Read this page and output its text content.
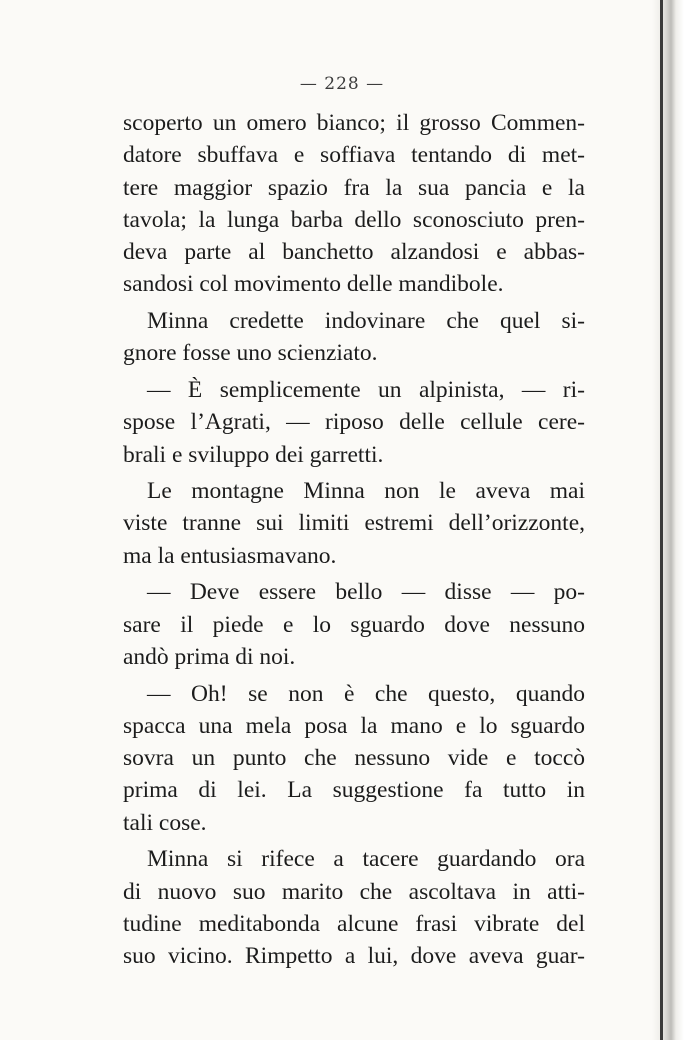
— 228 —
scoperto un omero bianco; il grosso Commen-
datore sbuffava e soffiava tentando di met-
tere maggior spazio fra la sua pancia e la
tavola; la lunga barba dello sconosciuto pren-
deva parte al banchetto alzandosi e abbas-
sandosi col movimento delle mandibole.
Minna credette indovinare che quel si-
gnore fosse uno scienziato.
— È semplicemente un alpinista, — ri-
spose l’Agrati, — riposo delle cellule cere-
brali e sviluppo dei garretti.
Le montagne Minna non le aveva mai
viste tranne sui limiti estremi dell’orizzonte,
ma la entusiasmavano.
— Deve essere bello — disse — po-
sare il piede e lo sguardo dove nessuno
andò prima di noi.
— Oh! se non è che questo, quando
spacca una mela posa la mano e lo sguardo
sovra un punto che nessuno vide e toccò
prima di lei. La suggestione fa tutto in
tali cose.
Minna si rifece a tacere guardando ora
di nuovo suo marito che ascoltava in atti-
tudine meditabonda alcune frasi vibrate del
suo vicino. Rimpetto a lui, dove aveva guar-
